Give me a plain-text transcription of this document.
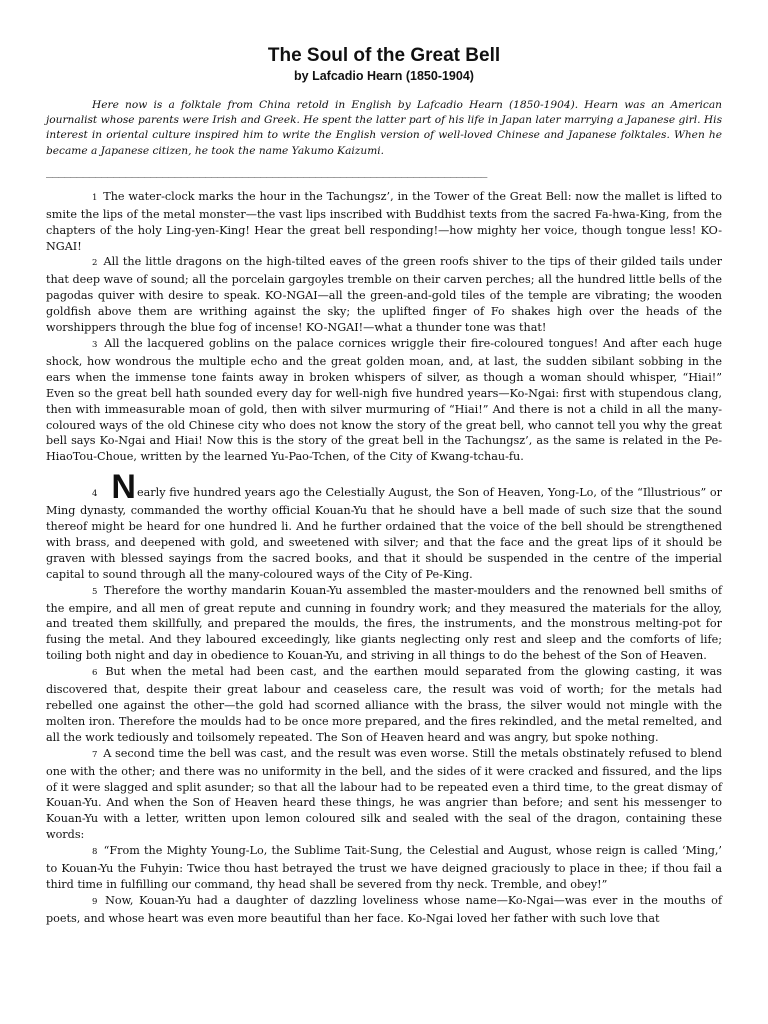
The Soul of the Great Bell
by Lafcadio Hearn (1850-1904)

Here now is a folktale from China retold in English by Lafcadio Hearn (1850-1904). Hearn was an American journalist whose parents were Irish and Greek. He spent the latter part of his life in Japan later marrying a Japanese girl. His interest in oriental culture inspired him to write the English version of well-loved Chinese and Japanese folktales. When he became a Japanese citizen, he took the name Yakumo Kaizumi.

________________________________________________________________________

1 The water-clock marks the hour in the Tachungsz’, in the Tower of the Great Bell: now the mallet is lifted to smite the lips of the metal monster—the vast lips inscribed with Buddhist texts from the sacred Fa-hwa-King, from the chapters of the holy Ling-yen-King! Hear the great bell responding!—how mighty her voice, though tongue less! KO-NGAI!

2 All the little dragons on the high-tilted eaves of the green roofs shiver to the tips of their gilded tails under that deep wave of sound; all the porcelain gargoyles tremble on their carven perches; all the hundred little bells of the pagodas quiver with desire to speak. KO-NGAI—all the green-and-gold tiles of the temple are vibrating; the wooden goldfish above them are writhing against the sky; the uplifted finger of Fo shakes high over the heads of the worshippers through the blue fog of incense! KO-NGAI!—what a thunder tone was that!

3 All the lacquered goblins on the palace cornices wriggle their fire-coloured tongues! And after each huge shock, how wondrous the multiple echo and the great golden moan, and, at last, the sudden sibilant sobbing in the ears when the immense tone faints away in broken whispers of silver, as though a woman should whisper, “Hiai!” Even so the great bell hath sounded every day for well-nigh five hundred years—Ko-Ngai: first with stupendous clang, then with immeasurable moan of gold, then with silver murmuring of “Hiai!” And there is not a child in all the many-coloured ways of the old Chinese city who does not know the story of the great bell, who cannot tell you why the great bell says Ko-Ngai and Hiai! Now this is the story of the great bell in the Tachungsz’, as the same is related in the Pe-HiaoTou-Choue, written by the learned Yu-Pao-Tchen, of the City of Kwang-tchau-fu.

4 Nearly five hundred years ago the Celestially August, the Son of Heaven, Yong-Lo, of the “Illustrious” or Ming dynasty, commanded the worthy official Kouan-Yu that he should have a bell made of such size that the sound thereof might be heard for one hundred li. And he further ordained that the voice of the bell should be strengthened with brass, and deepened with gold, and sweetened with silver; and that the face and the great lips of it should be graven with blessed sayings from the sacred books, and that it should be suspended in the centre of the imperial capital to sound through all the many-coloured ways of the City of Pe-King.

5 Therefore the worthy mandarin Kouan-Yu assembled the master-moulders and the renowned bell smiths of the empire, and all men of great repute and cunning in foundry work; and they measured the materials for the alloy, and treated them skillfully, and prepared the moulds, the fires, the instruments, and the monstrous melting-pot for fusing the metal. And they laboured exceedingly, like giants neglecting only rest and sleep and the comforts of life; toiling both night and day in obedience to Kouan-Yu, and striving in all things to do the behest of the Son of Heaven.

6 But when the metal had been cast, and the earthen mould separated from the glowing casting, it was discovered that, despite their great labour and ceaseless care, the result was void of worth; for the metals had rebelled one against the other—the gold had scorned alliance with the brass, the silver would not mingle with the molten iron. Therefore the moulds had to be once more prepared, and the fires rekindled, and the metal remelted, and all the work tediously and toilsomely repeated. The Son of Heaven heard and was angry, but spoke nothing.

7 A second time the bell was cast, and the result was even worse. Still the metals obstinately refused to blend one with the other; and there was no uniformity in the bell, and the sides of it were cracked and fissured, and the lips of it were slagged and split asunder; so that all the labour had to be repeated even a third time, to the great dismay of Kouan-Yu. And when the Son of Heaven heard these things, he was angrier than before; and sent his messenger to Kouan-Yu with a letter, written upon lemon coloured silk and sealed with the seal of the dragon, containing these words:

8 “From the Mighty Young-Lo, the Sublime Tait-Sung, the Celestial and August, whose reign is called ‘Ming,’ to Kouan-Yu the Fuhyin: Twice thou hast betrayed the trust we have deigned graciously to place in thee; if thou fail a third time in fulfilling our command, thy head shall be severed from thy neck. Tremble, and obey!”

9 Now, Kouan-Yu had a daughter of dazzling loveliness whose name—Ko-Ngai—was ever in the mouths of poets, and whose heart was even more beautiful than her face. Ko-Ngai loved her father with such love that
